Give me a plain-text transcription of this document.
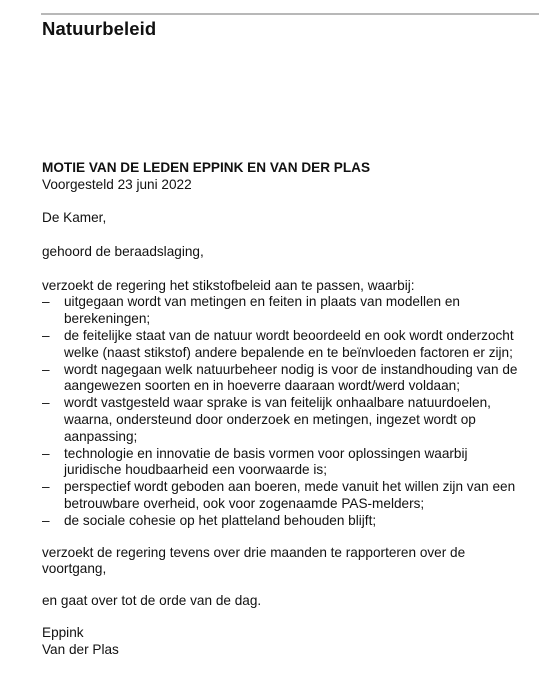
Natuurbeleid

MOTIE VAN DE LEDEN EPPINK EN VAN DER PLAS

Voorgesteld 23 juni 2022

De Kamer,

gehoord de beraadslaging,

verzoekt de regering het stikstofbeleid aan te passen, waarbij:

– uitgegaan wordt van metingen en feiten in plaats van modellen en berekeningen;
– de feitelijke staat van de natuur wordt beoordeeld en ook wordt onderzocht welke (naast stikstof) andere bepalende en te beïnvloeden factoren er zijn;
– wordt nagegaan welk natuurbeheer nodig is voor de instandhouding van de aangewezen soorten en in hoeverre daaraan wordt/werd voldaan;
– wordt vastgesteld waar sprake is van feitelijk onhaalbare natuurdoelen, waarna, ondersteund door onderzoek en metingen, ingezet wordt op aanpassing;
– technologie en innovatie de basis vormen voor oplossingen waarbij juridische houdbaarheid een voorwaarde is;
– perspectief wordt geboden aan boeren, mede vanuit het willen zijn van een betrouwbare overheid, ook voor zogenaamde PAS-melders;
– de sociale cohesie op het platteland behouden blijft;

verzoekt de regering tevens over drie maanden te rapporteren over de voortgang,

en gaat over tot de orde van de dag.

Eppink

Van der Plas
